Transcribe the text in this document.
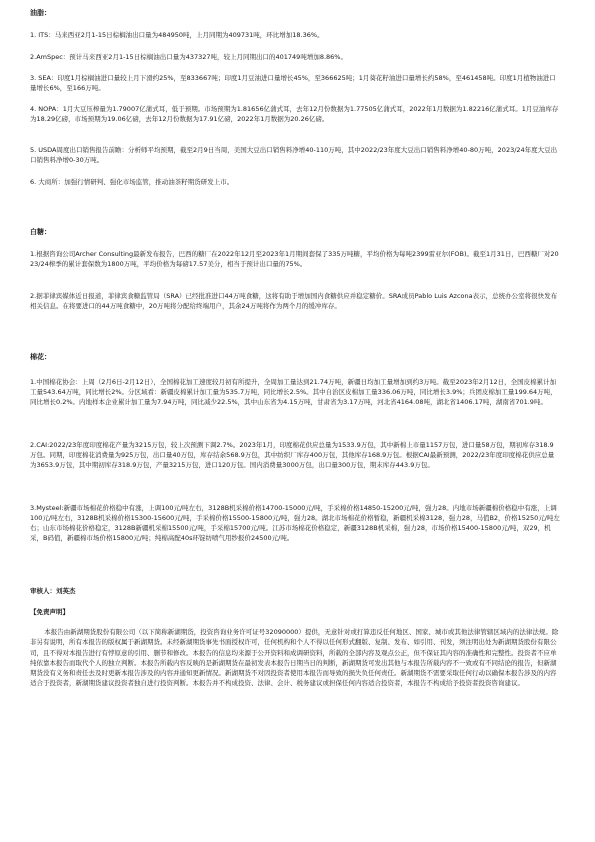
油脂：
1. ITS：马来西亚2月1-15日棕榈油出口量为484950吨，上月同期为409731吨，环比增加18.36%。
2.AmSpec：预计马来西亚2月1-15日棕榈油出口量为437327吨，较上月同期出口的401749吨增加8.86%。
3. SEA：印度1月棕榈油进口量较上月下滑约25%，至833667吨；印度1月豆油进口量增长45%，至366625吨；1月葵花籽油进口量增长约58%，至461458吨。印度1月植物油进口量增长6%，至166万吨。
4. NOPA：1月大豆压榨量为1.79007亿蒲式耳，低于预期。市场预期为1.81656亿蒲式耳，去年12月份数据为1.77505亿蒲式耳，2022年1月数据为1.82216亿蒲式耳。1月豆油库存为18.29亿磅，市场预期为19.06亿磅，去年12月份数据为17.91亿磅，2022年1月数据为20.26亿磅。
5. USDA周度出口销售报告前瞻：分析师平均预期，截至2月9日当周，美国大豆出口销售料净增40-110万吨，其中2022/23年度大豆出口销售料净增40-80万吨，2023/24年度大豆出口销售料净增0-30万吨。
6. 大商所：加强行情研判、强化市场监管，推动油茶籽期货研发上市。
白糖：
1.根据咨询公司Archer Consulting最新发布报告，巴西的糖厂在2022年12月至2023年1月期间套保了335万吨糖，平均价格为每吨2399雷亚尔(FOB)。截至1月31日，巴西糖厂对2023/24榨季的累计套保数为1800万吨，平均价格为每磅17.57美分，相当于预计出口量的75%。
2.据菲律宾媒体近日报道，菲律宾食糖监管局（SRA）已经批准进口44万吨食糖，这将有助于增加国内食糖供应并稳定糖价。SRA成员Pablo Luis Azcona表示，总统办公室将很快发布相关信息。在将要进口的44万吨食糖中，20万吨将分配给终端用户，其余24万吨将作为两个月的缓冲库存。
棉花：
1.中国棉花协会：上周（2月6日-2月12日），全国棉花加工速度较月初有所提升，全周加工量达到21.74万吨，新疆日均加工量增加到约3万吨。截至2023年2月12日，全国皮棉累计加工量543.64万吨，同比增长2%。分区域看：新疆皮棉累计加工量为535.7万吨，同比增长2.5%。其中自治区皮棉加工量336.06万吨，同比增长3.9%；兵团皮棉加工量199.64万吨，同比增长0.2%。内地样本企业累计加工量为7.94万吨，同比减少22.5%，其中山东省为4.15万吨，甘肃省为3.17万吨，河北省4164.08吨，湖北省1406.17吨，湖南省701.9吨。
2.CAI:2022/23年度印度棉花产量为3215万包，较上次预测下调2.7%。2023年1月，印度棉花供应总量为1533.9万包，其中新棉上市量1157万包，进口量58万包，期初库存318.9万包。同期，印度棉花消费量为925万包，出口量40万包，库存结余568.9万包，其中纺织厂库存400万包，其他库存168.9万包。根据CAI最新预测，2022/23年度印度棉花供应总量为3653.9万包，其中期初库存318.9万包，产量3215万包，进口120万包。国内消费量3000万包，出口量300万包，期末库存443.9万包。
3.Mysteel:新疆市场棉花价格稳中有涨，上调100元/吨左右，3128B机采棉价格14700-15000元/吨，手采棉价格14850-15200元/吨，强力28。内地市场新疆棉价格稳中有涨，上调100元/吨左右，3128B机采棉价格15300-15600元/吨，手采棉价格15500-15800元/吨，强力28。湖北市场棉花价格暂稳，新疆机采棉3128，强力28，马值B2，价格15250元/吨左右；山东市场棉花价格稳定，3128B新疆机采棉15500元/吨，手采棉15700元/吨。江苏市场棉花价格稳定，新疆3128B机采棉，强力28，市场价格15400-15800元/吨，双29，机采，B码值，新疆棉市场价格15800元/吨；纯棉高配40s环锭纺喷气用纱报价24500元/吨。
审核人：刘英杰
【免责声明】
本报告由新湖期货股份有限公司（以下简称新湖期货，投资咨询业务许可证号32090000）提供，无意针对或打算违反任何地区、国家、城市或其他法律管辖区域内的法律法规。除非另有说明，所有本报告的版权属于新湖期货。未经新湖期货事先书面授权许可，任何机构和个人不得以任何形式翻版、复制、发布、如引用、刊发，须注明出处为新湖期货股份有限公司，且不得对本报告进行有悖原意的引用、删节和修改。本报告的信息均来源于公开资料和成调研资料，所载的全部内容及观点公正，但不保证其内容的准确性和完整性。投资者不应单纯依靠本报告而取代个人的独立判断。本报告所载内容反映的是新湖期货在最初发表本报告日期当日的判断，新湖期货可发出其他与本报告所载内容不一致或有不同结论的报告，但新湖期货没有义务和责任去及时更新本报告涉及的内容并通知更新情况。新湖期货不对因投资者使用本报告而导致的损失负任何责任。新湖期货不需要采取任何行动以确保本报告涉及的内容适合于投资者，新湖期货建议投资者独自进行投资判断。本报告并不构成投资、法律、会计、税务建议或担保任何内容适合投资者，本报告不构成给予投资者投资咨询建议。
